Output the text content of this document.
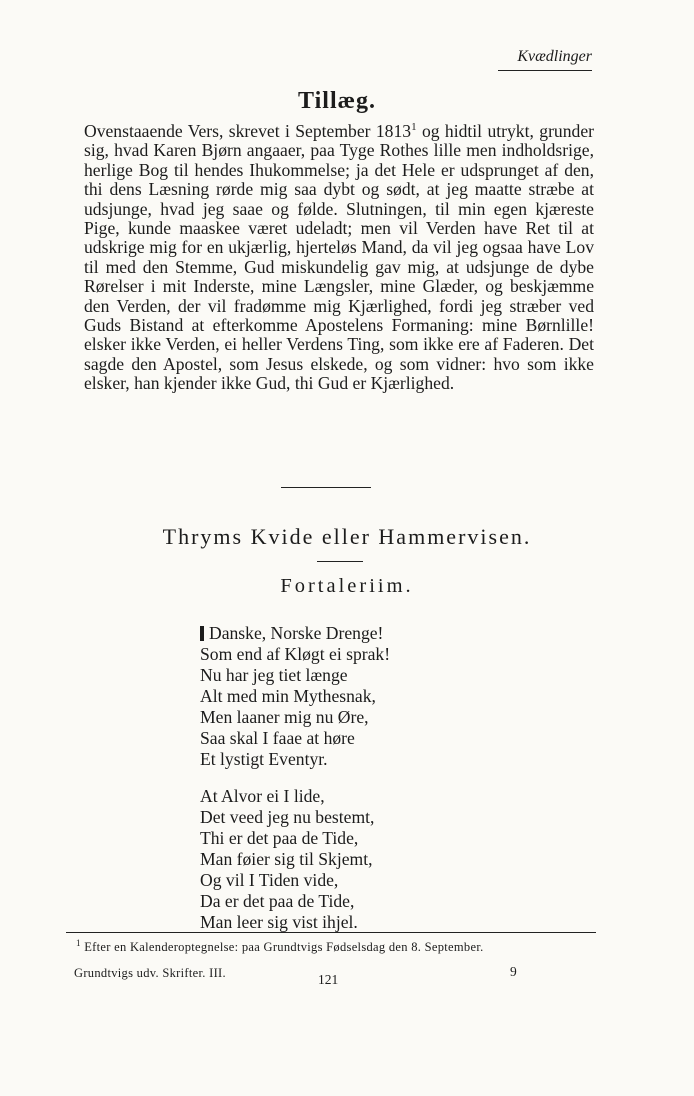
Kvædlinger
Tillæg.
Ovenstaaende Vers, skrevet i September 1813$^1$ og hidtil utrykt, grunder sig, hvad Karen Bjørn angaaer, paa Tyge Rothes lille men indholdsrige, herlige Bog til hendes Ihukommelse; ja det Hele er udsprunget af den, thi dens Læsning rørde mig saa dybt og sødt, at jeg maatte stræbe at udsjunge, hvad jeg saae og følde. Slutningen, til min egen kjæreste Pige, kunde maaskee været udeladt; men vil Verden have Ret til at udskrige mig for en ukjærlig, hjerteløs Mand, da vil jeg ogsaa have Lov til med den Stemme, Gud miskundelig gav mig, at udsjunge de dybe Rørelser i mit Inderste, mine Længsler, mine Glæder, og beskjæmme den Verden, der vil fradømme mig Kjærlighed, fordi jeg stræber ved Guds Bistand at efterkomme Apostelens Formaning: mine Børnlille! elsker ikke Verden, ei heller Verdens Ting, som ikke ere af Faderen. Det sagde den Apostel, som Jesus elskede, og som vidner: hvo som ikke elsker, han kjender ikke Gud, thi Gud er Kjærlighed.
Thryms Kvide eller Hammervisen.
Fortaleriim.
Danske, Norske Drenge!
Som end af Kløgt ei sprak!
Nu har jeg tiet længe
Alt med min Mythesnak,
Men laaner mig nu Øre,
Saa skal I faae at høre
Et lystigt Eventyr.
At Alvor ei I lide,
Det veed jeg nu bestemt,
Thi er det paa de Tide,
Man føier sig til Skjemt,
Og vil I Tiden vide,
Da er det paa de Tide,
Man leer sig vist ihjel.
$^1$ Efter en Kalenderoptegnelse: paa Grundtvigs Fødselsdag den 8. September.
Grundtvigs udv. Skrifter. III.	121
9
